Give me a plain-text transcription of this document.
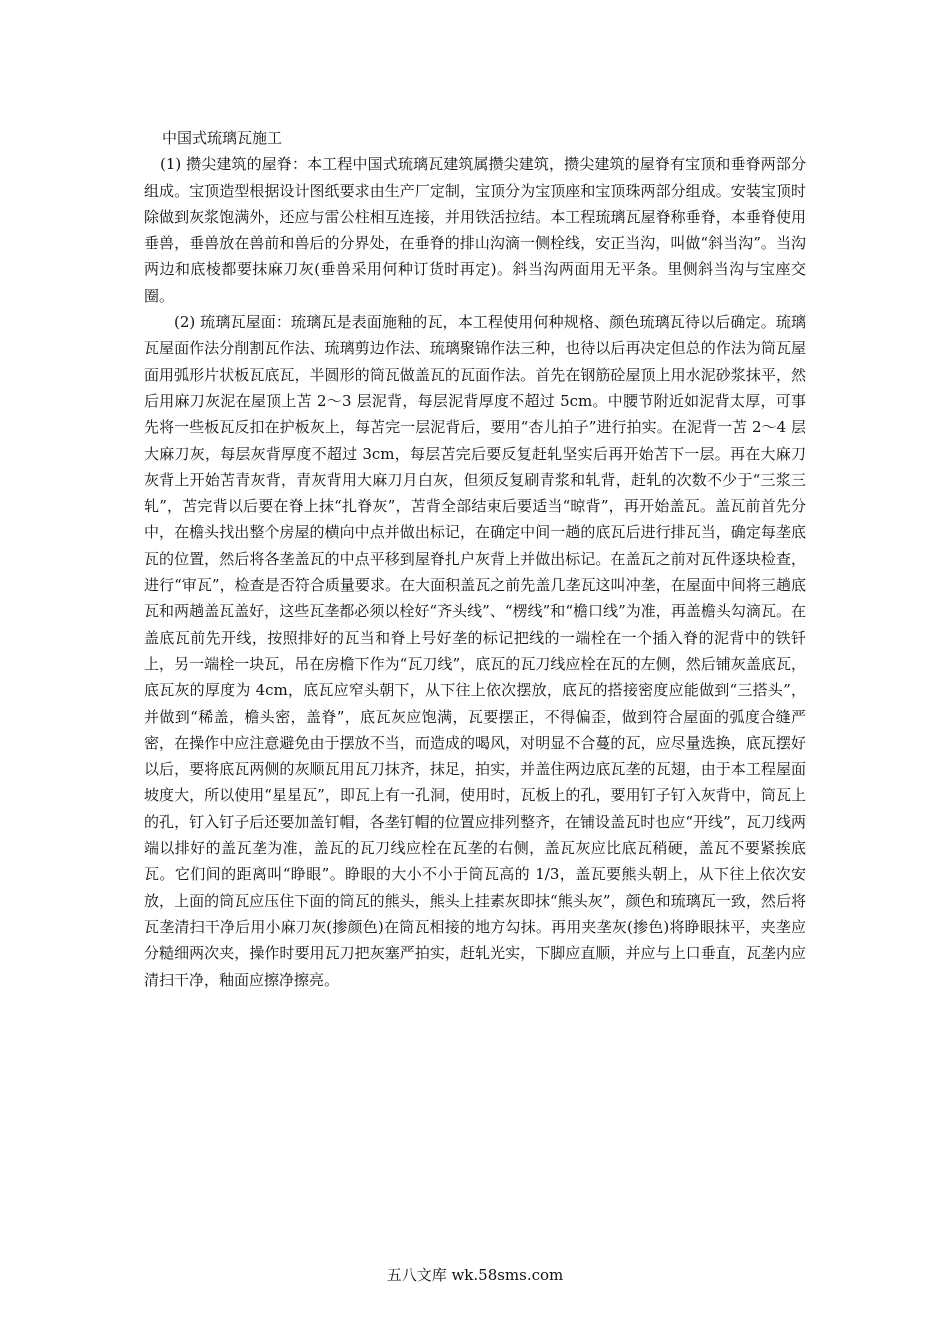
中国式琉璃瓦施工

(1) 攒尖建筑的屋脊：本工程中国式琉璃瓦建筑属攒尖建筑，攒尖建筑的屋脊有宝顶和垂脊两部分组成。宝顶造型根据设计图纸要求由生产厂定制，宝顶分为宝顶座和宝顶珠两部分组成。安装宝顶时除做到灰浆饱满外，还应与雷公柱相互连接，并用铁活拉结。本工程琉璃瓦屋脊称垂脊，本垂脊使用垂兽，垂兽放在兽前和兽后的分界处，在垂脊的排山沟滴一侧栓线，安正当沟，叫做“斜当沟”。当沟两边和底棱都要抹麻刀灰(垂兽采用何种订货时再定)。斜当沟两面用无平条。里侧斜当沟与宝座交圈。

(2) 琉璃瓦屋面：琉璃瓦是表面施釉的瓦，本工程使用何种规格、颜色琉璃瓦待以后确定。琉璃瓦屋面作法分削割瓦作法、琉璃剪边作法、琉璃聚锦作法三种，也待以后再决定但总的作法为筒瓦屋面用弧形片状板瓦底瓦，半圆形的筒瓦做盖瓦的瓦面作法。首先在钢筋砼屋顶上用水泥砂浆抹平，然后用麻刀灰泥在屋顶上苫 2～3 层泥背，每层泥背厚度不超过 5cm。中腰节附近如泥背太厚，可事先将一些板瓦反扣在护板灰上，每苫完一层泥背后，要用“杏儿拍子”进行拍实。在泥背一苫 2～4 层大麻刀灰，每层灰背厚度不超过 3cm，每层苫完后要反复赶轧坚实后再开始苫下一层。再在大麻刀灰背上开始苫青灰背，青灰背用大麻刀月白灰，但须反复刷青浆和轧背，赶轧的次数不少于“三浆三轧”，苫完背以后要在脊上抹“扎脊灰”，苫背全部结束后要适当“晾背”，再开始盖瓦。盖瓦前首先分中，在檐头找出整个房屋的横向中点并做出标记，在确定中间一趟的底瓦后进行排瓦当，确定每垄底瓦的位置，然后将各垄盖瓦的中点平移到屋脊扎户灰背上并做出标记。在盖瓦之前对瓦件逐块检查，进行“审瓦”，检查是否符合质量要求。在大面积盖瓦之前先盖几垄瓦这叫冲垄，在屋面中间将三趟底瓦和两趟盖瓦盖好，这些瓦垄都必须以栓好“齐头线”、“楞线”和“檐口线”为准，再盖檐头勾滴瓦。在盖底瓦前先开线，按照排好的瓦当和脊上号好垄的标记把线的一端栓在一个插入脊的泥背中的铁钎上，另一端栓一块瓦，吊在房檐下作为“瓦刀线”，底瓦的瓦刀线应栓在瓦的左侧，然后铺灰盖底瓦，底瓦灰的厚度为 4cm，底瓦应窄头朝下，从下往上依次摆放，底瓦的搭接密度应能做到“三搭头”，并做到“稀盖，檐头密，盖脊”，底瓦灰应饱满，瓦要摆正，不得偏歪，做到符合屋面的弧度合缝严密，在操作中应注意避免由于摆放不当，而造成的喝风，对明显不合蔓的瓦，应尽量选换，底瓦摆好以后，要将底瓦两侧的灰顺瓦用瓦刀抹齐，抹足，拍实，并盖住两边底瓦垄的瓦翅，由于本工程屋面坡度大，所以使用“星星瓦”，即瓦上有一孔洞，使用时，瓦板上的孔，要用钉子钉入灰背中，筒瓦上的孔，钉入钉子后还要加盖钉帽，各垄钉帽的位置应排列整齐，在铺设盖瓦时也应“开线”，瓦刀线两端以排好的盖瓦垄为准，盖瓦的瓦刀线应栓在瓦垄的右侧，盖瓦灰应比底瓦稍硬，盖瓦不要紧挨底瓦。它们间的距离叫“睁眼”。睁眼的大小不小于筒瓦高的 1/3，盖瓦要熊头朝上，从下往上依次安放，上面的筒瓦应压住下面的筒瓦的熊头，熊头上挂素灰即抹“熊头灰”，颜色和琉璃瓦一致，然后将瓦垄清扫干净后用小麻刀灰(掺颜色)在筒瓦相接的地方勾抹。再用夹垄灰(掺色)将睁眼抹平，夹垄应分糙细两次夹，操作时要用瓦刀把灰塞严拍实，赶轧光实，下脚应直顺，并应与上口垂直，瓦垄内应清扫干净，釉面应擦净擦亮。

五八文库 wk.58sms.com
